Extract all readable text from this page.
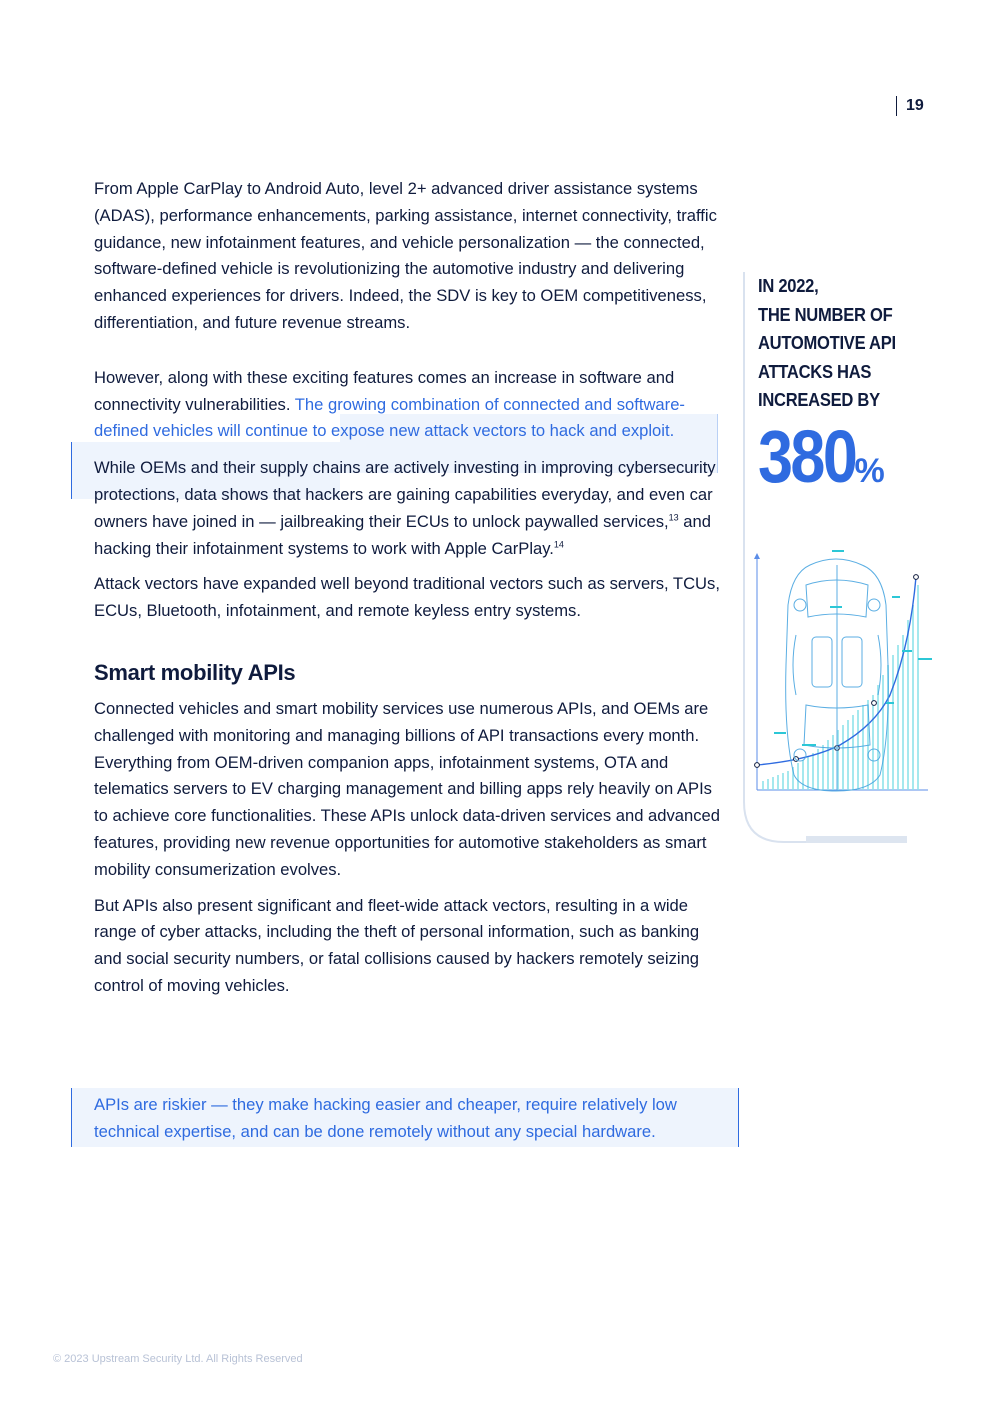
19

From Apple CarPlay to Android Auto, level 2+ advanced driver assistance systems (ADAS), performance enhancements, parking assistance, internet connectivity, traffic guidance, new infotainment features, and vehicle personalization — the connected, software-defined vehicle is revolutionizing the automotive industry and delivering enhanced experiences for drivers. Indeed, the SDV is key to OEM competitiveness, differentiation, and future revenue streams.

However, along with these exciting features comes an increase in software and connectivity vulnerabilities. The growing combination of connected and software-defined vehicles will continue to expose new attack vectors to hack and exploit.

While OEMs and their supply chains are actively investing in improving cybersecurity protections, data shows that hackers are gaining capabilities everyday, and even car owners have joined in — jailbreaking their ECUs to unlock paywalled services,$^{13}$ and hacking their infotainment systems to work with Apple CarPlay.$^{14}$

Attack vectors have expanded well beyond traditional vectors such as servers, TCUs, ECUs, Bluetooth, infotainment, and remote keyless entry systems.

Smart mobility APIs

Connected vehicles and smart mobility services use numerous APIs, and OEMs are challenged with monitoring and managing billions of API transactions every month. Everything from OEM-driven companion apps, infotainment systems, OTA and telematics servers to EV charging management and billing apps rely heavily on APIs to achieve core functionalities. These APIs unlock data-driven services and advanced features, providing new revenue opportunities for automotive stakeholders as smart mobility consumerization evolves.

But APIs also present significant and fleet-wide attack vectors, resulting in a wide range of cyber attacks, including the theft of personal information, such as banking and social security numbers, or fatal collisions caused by hackers remotely seizing control of moving vehicles.

APIs are riskier — they make hacking easier and cheaper, require relatively low technical expertise, and can be done remotely without any special hardware.
IN 2022,
THE NUMBER OF
AUTOMOTIVE API
ATTACKS HAS
INCREASED BY
380%
© 2023 Upstream Security Ltd. All Rights Reserved
